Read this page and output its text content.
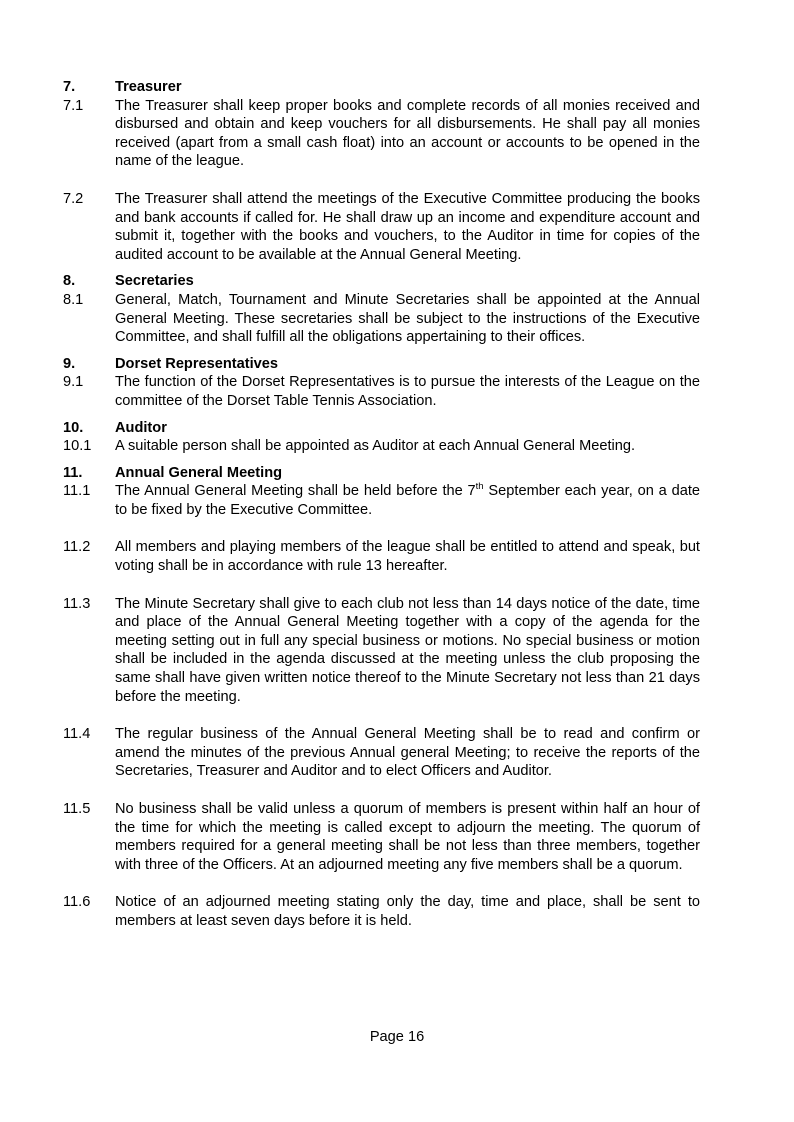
7.	Treasurer
7.1	The Treasurer shall keep proper books and complete records of all monies received and disbursed and obtain and keep vouchers for all disbursements. He shall pay all monies received (apart from a small cash float) into an account or accounts to be opened in the name of the league.

7.2	The Treasurer shall attend the meetings of the Executive Committee producing the books and bank accounts if called for. He shall draw up an income and expenditure account and submit it, together with the books and vouchers, to the Auditor in time for copies of the audited account to be available at the Annual General Meeting.

8.	Secretaries
8.1	General, Match, Tournament and Minute Secretaries shall be appointed at the Annual General Meeting. These secretaries shall be subject to the instructions of the Executive Committee, and shall fulfill all the obligations appertaining to their offices.

9.	Dorset Representatives
9.1	The function of the Dorset Representatives is to pursue the interests of the League on the committee of the Dorset Table Tennis Association.

10.	Auditor
10.1	A suitable person shall be appointed as Auditor at each Annual General Meeting.

11.	Annual General Meeting
11.1	The Annual General Meeting shall be held before the 7th September each year, on a date to be fixed by the Executive Committee.

11.2	All members and playing members of the league shall be entitled to attend and speak, but voting shall be in accordance with rule 13 hereafter.

11.3	The Minute Secretary shall give to each club not less than 14 days notice of the date, time and place of the Annual General Meeting together with a copy of the agenda for the meeting setting out in full any special business or motions. No special business or motion shall be included in the agenda discussed at the meeting unless the club proposing the same shall have given written notice thereof to the Minute Secretary not less than 21 days before the meeting.

11.4	The regular business of the Annual General Meeting shall be to read and confirm or amend the minutes of the previous Annual general Meeting; to receive the reports of the Secretaries, Treasurer and Auditor and to elect Officers and Auditor.

11.5	No business shall be valid unless a quorum of members is present within half an hour of the time for which the meeting is called except to adjourn the meeting. The quorum of members required for a general meeting shall be not less than three members, together with three of the Officers. At an adjourned meeting any five members shall be a quorum.

11.6	Notice of an adjourned meeting stating only the day, time and place, shall be sent to members at least seven days before it is held.

Page 16
